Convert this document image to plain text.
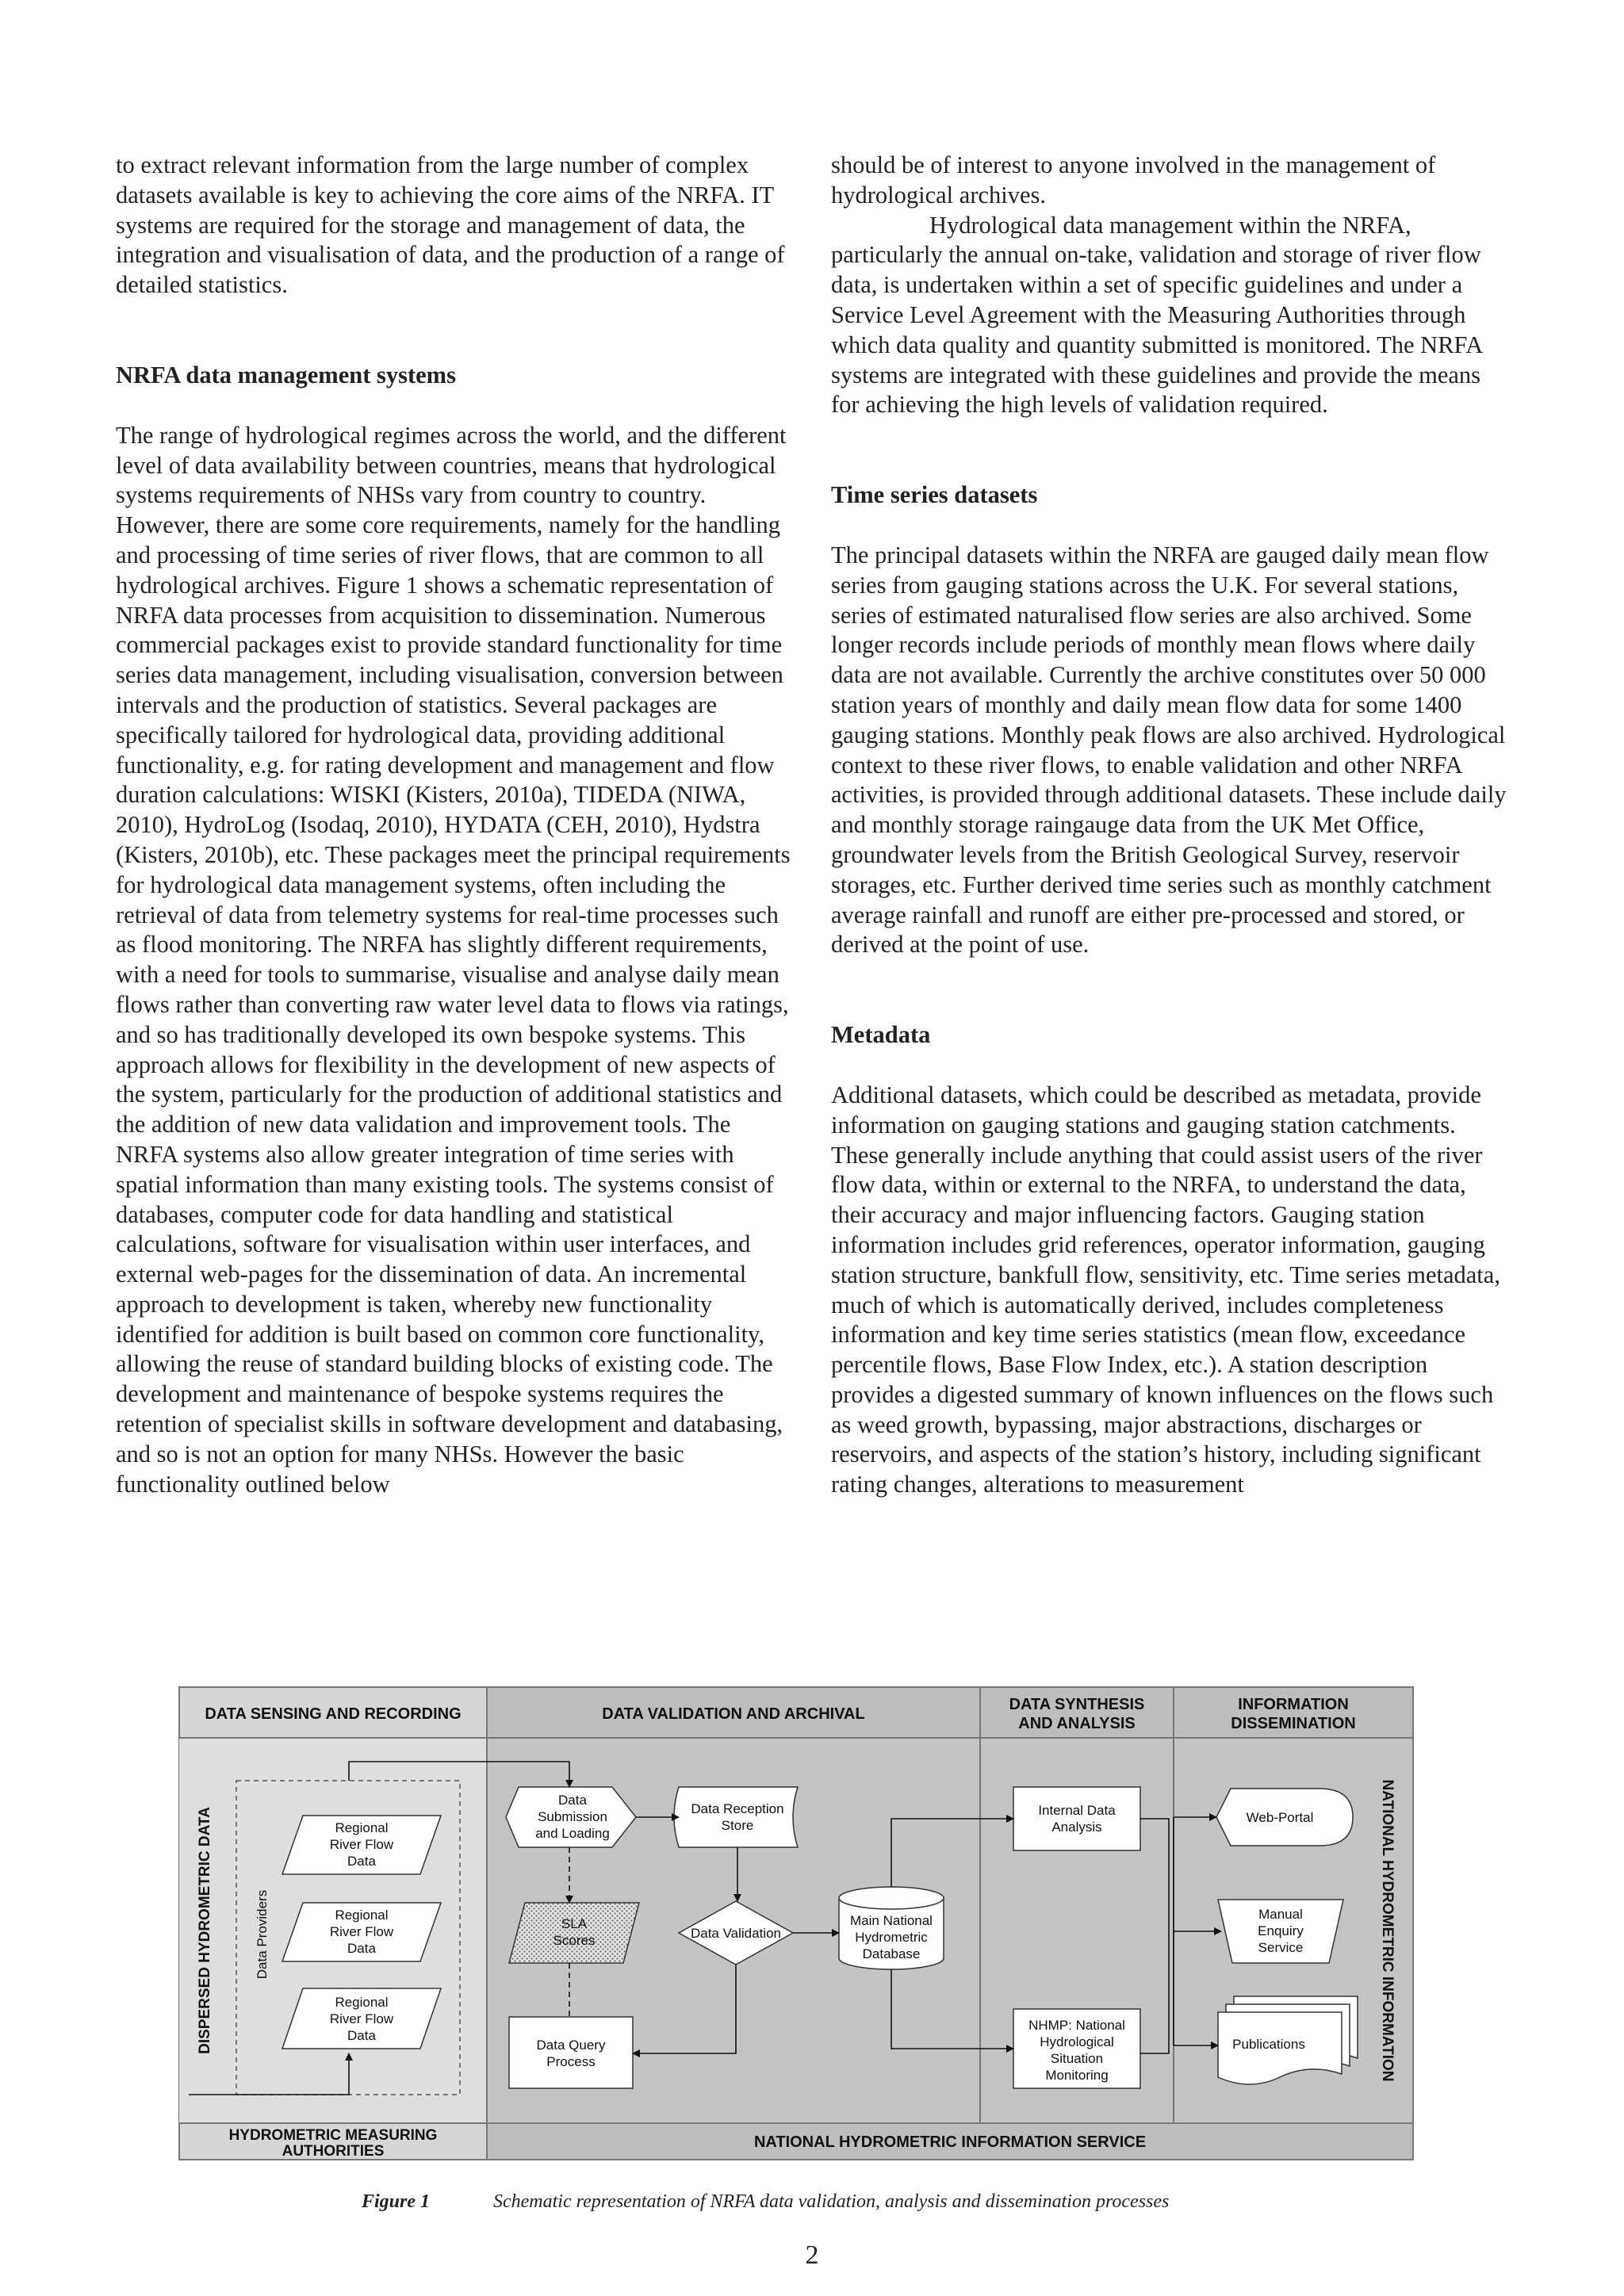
to extract relevant information from the large number of complex datasets available is key to achieving the core aims of the NRFA. IT systems are required for the storage and management of data, the integration and visualisation of data, and the production of a range of detailed statistics.

NRFA data management systems

The range of hydrological regimes across the world, and the different level of data availability between countries, means that hydrological systems requirements of NHSs vary from country to country. However, there are some core requirements, namely for the handling and processing of time series of river flows, that are common to all hydrological archives. Figure 1 shows a schematic representation of NRFA data processes from acquisition to dissemination. Numerous commercial packages exist to provide standard functionality for time series data management, including visualisation, conversion between intervals and the production of statistics. Several packages are specifically tailored for hydrological data, providing additional functionality, e.g. for rating development and management and flow duration calculations: WISKI (Kisters, 2010a), TIDEDA (NIWA, 2010), HydroLog (Isodaq, 2010), HYDATA (CEH, 2010), Hydstra (Kisters, 2010b), etc. These packages meet the principal requirements for hydrological data management systems, often including the retrieval of data from telemetry systems for real-time processes such as flood monitoring. The NRFA has slightly different requirements, with a need for tools to summarise, visualise and analyse daily mean flows rather than converting raw water level data to flows via ratings, and so has traditionally developed its own bespoke systems. This approach allows for flexibility in the development of new aspects of the system, particularly for the production of additional statistics and the addition of new data validation and improvement tools. The NRFA systems also allow greater integration of time series with spatial information than many existing tools. The systems consist of databases, computer code for data handling and statistical calculations, software for visualisation within user interfaces, and external web-pages for the dissemination of data. An incremental approach to development is taken, whereby new functionality identified for addition is built based on common core functionality, allowing the reuse of standard building blocks of existing code. The development and maintenance of bespoke systems requires the retention of specialist skills in software development and databasing, and so is not an option for many NHSs. However the basic functionality outlined below

should be of interest to anyone involved in the management of hydrological archives.

Hydrological data management within the NRFA, particularly the annual on-take, validation and storage of river flow data, is undertaken within a set of specific guidelines and under a Service Level Agreement with the Measuring Authorities through which data quality and quantity submitted is monitored. The NRFA systems are integrated with these guidelines and provide the means for achieving the high levels of validation required.

Time series datasets

The principal datasets within the NRFA are gauged daily mean flow series from gauging stations across the U.K. For several stations, series of estimated naturalised flow series are also archived. Some longer records include periods of monthly mean flows where daily data are not available. Currently the archive constitutes over 50 000 station years of monthly and daily mean flow data for some 1400 gauging stations. Monthly peak flows are also archived. Hydrological context to these river flows, to enable validation and other NRFA activities, is provided through additional datasets. These include daily and monthly storage raingauge data from the UK Met Office, groundwater levels from the British Geological Survey, reservoir storages, etc. Further derived time series such as monthly catchment average rainfall and runoff are either pre-processed and stored, or derived at the point of use.

Metadata

Additional datasets, which could be described as metadata, provide information on gauging stations and gauging station catchments. These generally include anything that could assist users of the river flow data, within or external to the NRFA, to understand the data, their accuracy and major influencing factors. Gauging station information includes grid references, operator information, gauging station structure, bankfull flow, sensitivity, etc. Time series metadata, much of which is automatically derived, includes completeness information and key time series statistics (mean flow, exceedance percentile flows, Base Flow Index, etc.). A station description provides a digested summary of known influences on the flows such as weed growth, bypassing, major abstractions, discharges or reservoirs, and aspects of the station’s history, including significant rating changes, alterations to measurement

DATA SENSING AND RECORDING	DATA VALIDATION AND ARCHIVAL
DATA SYNTHESIS
AND ANALYSIS
INFORMATION
DISSEMINATION
HYDROMETRIC MEASURING
AUTHORITIES
NATIONAL HYDROMETRIC INFORMATION SERVICE
DISPERSED HYDROMETRIC DATA	NATIONAL HYDROMETRIC INFORMATION
Data Providers
Regional
River Flow
Data
Regional
River Flow
Data
Regional
River Flow
Data
Data
Submission
and Loading
SLA
Scores
Data Query
Process
Data Reception
Store
Data Validation
Main National
Hydrometric
Database
Internal Data
Analysis
NHMP: National
Hydrological
Situation
Monitoring
Web-Portal
Manual
Enquiry
Service
Publications
Figure 1	Schematic representation of NRFA data validation, analysis and dissemination processes
2
